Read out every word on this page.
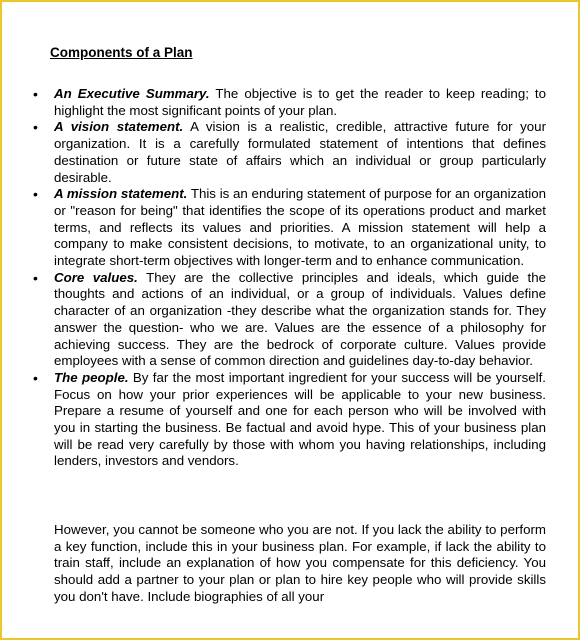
Components of a Plan
• An Executive Summary. The objective is to get the reader to keep reading; to highlight the most significant points of your plan.
• A vision statement. A vision is a realistic, credible, attractive future for your organization. It is a carefully formulated statement of intentions that defines destination or future state of affairs which an individual or group particularly desirable.
• A mission statement. This is an enduring statement of purpose for an organization or "reason for being" that identifies the scope of its operations product and market terms, and reflects its values and priorities. A mission statement will help a company to make consistent decisions, to motivate, to an organizational unity, to integrate short-term objectives with longer-term and to enhance communication.
• Core values. They are the collective principles and ideals, which guide the thoughts and actions of an individual, or a group of individuals. Values define character of an organization -they describe what the organization stands for. They answer the question- who we are. Values are the essence of a philosophy for achieving success. They are the bedrock of corporate culture. Values provide employees with a sense of common direction and guidelines day-to-day behavior.
• The people. By far the most important ingredient for your success will be yourself. Focus on how your prior experiences will be applicable to your new business. Prepare a resume of yourself and one for each person who will be involved with you in starting the business. Be factual and avoid hype. This of your business plan will be read very carefully by those with whom you having relationships, including lenders, investors and vendors.

However, you cannot be someone who you are not. If you lack the ability to perform a key function, include this in your business plan. For example, if lack the ability to train staff, include an explanation of how you compensate for this deficiency. You should add a partner to your plan or plan to hire key people who will provide skills you don't have. Include biographies of all your
